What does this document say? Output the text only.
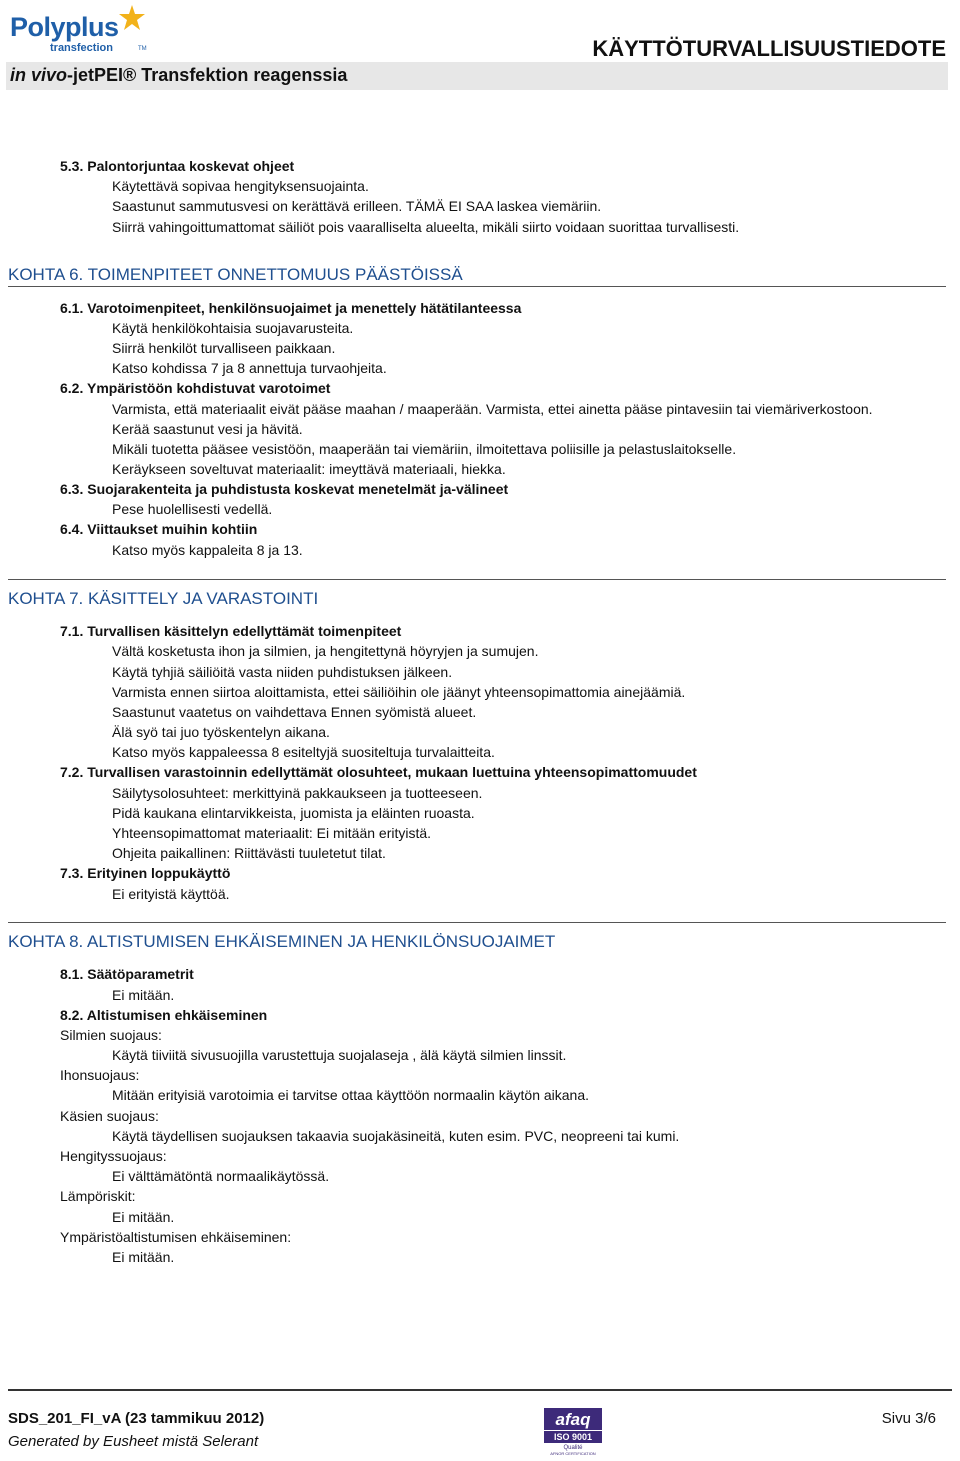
Polyplus
transfection	TM	KÄYTTÖTURVALLISUUSTIEDOTE
in vivo-jetPEI® Transfektion reagenssia
5.3. Palontorjuntaa koskevat ohjeet
Käytettävä sopivaa hengityksensuojainta.
Saastunut sammutusvesi on kerättävä erilleen. TÄMÄ EI SAA laskea viemäriin.
Siirrä vahingoittumattomat säiliöt pois vaaralliselta alueelta, mikäli siirto voidaan suorittaa turvallisesti.
KOHTA 6. TOIMENPITEET ONNETTOMUUS PÄÄSTÖISSÄ
6.1. Varotoimenpiteet, henkilönsuojaimet ja menettely hätätilanteessa
Käytä henkilökohtaisia suojavarusteita.
Siirrä henkilöt turvalliseen paikkaan.
Katso kohdissa 7 ja 8 annettuja turvaohjeita.
6.2. Ympäristöön kohdistuvat varotoimet
Varmista, että materiaalit eivät pääse maahan / maaperään. Varmista, ettei ainetta pääse pintavesiin tai viemäriverkostoon.
Kerää saastunut vesi ja hävitä.
Mikäli tuotetta pääsee vesistöön, maaperään tai viemäriin, ilmoitettava poliisille ja pelastuslaitokselle.
Keräykseen soveltuvat materiaalit: imeyttävä materiaali, hiekka.
6.3. Suojarakenteita ja puhdistusta koskevat menetelmät ja-välineet
Pese huolellisesti vedellä.
6.4. Viittaukset muihin kohtiin
Katso myös kappaleita 8 ja 13.
KOHTA 7. KÄSITTELY JA VARASTOINTI
7.1. Turvallisen käsittelyn edellyttämät toimenpiteet
Vältä kosketusta ihon ja silmien, ja hengitettynä höyryjen ja sumujen.
Käytä tyhjiä säiliöitä vasta niiden puhdistuksen jälkeen.
Varmista ennen siirtoa aloittamista, ettei säiliöihin ole jäänyt yhteensopimattomia ainejäämiä.
Saastunut vaatetus on vaihdettava Ennen syömistä alueet.
Älä syö tai juo työskentelyn aikana.
Katso myös kappaleessa 8 esiteltyjä suositeltuja turvalaitteita.
7.2. Turvallisen varastoinnin edellyttämät olosuhteet, mukaan luettuina yhteensopimattomuudet
Säilytysolosuhteet: merkittyinä pakkaukseen ja tuotteeseen.
Pidä kaukana elintarvikkeista, juomista ja eläinten ruoasta.
Yhteensopimattomat materiaalit: Ei mitään erityistä.
Ohjeita paikallinen: Riittävästi tuuletetut tilat.
7.3. Erityinen loppukäyttö
Ei erityistä käyttöä.
KOHTA 8. ALTISTUMISEN EHKÄISEMINEN JA HENKILÖNSUOJAIMET
8.1. Säätöparametrit
Ei mitään.
8.2. Altistumisen ehkäiseminen
Silmien suojaus:
Käytä tiiviitä sivusuojilla varustettuja suojalaseja , älä käytä silmien linssit.
Ihonsuojaus:
Mitään erityisiä varotoimia ei tarvitse ottaa käyttöön normaalin käytön aikana.
Käsien suojaus:
Käytä täydellisen suojauksen takaavia suojakäsineitä, kuten esim. PVC, neopreeni tai kumi.
Hengityssuojaus:
Ei välttämätöntä normaalikäytössä.
Lämpöriskit:
Ei mitään.
Ympäristöaltistumisen ehkäiseminen:
Ei mitään.
SDS_201_FI_vA (23 tammikuu 2012)
Generated by Eusheet mistä Selerant
afaq
ISO 9001
Qualité
AFNOR CERTIFICATION
Sivu 3/6
